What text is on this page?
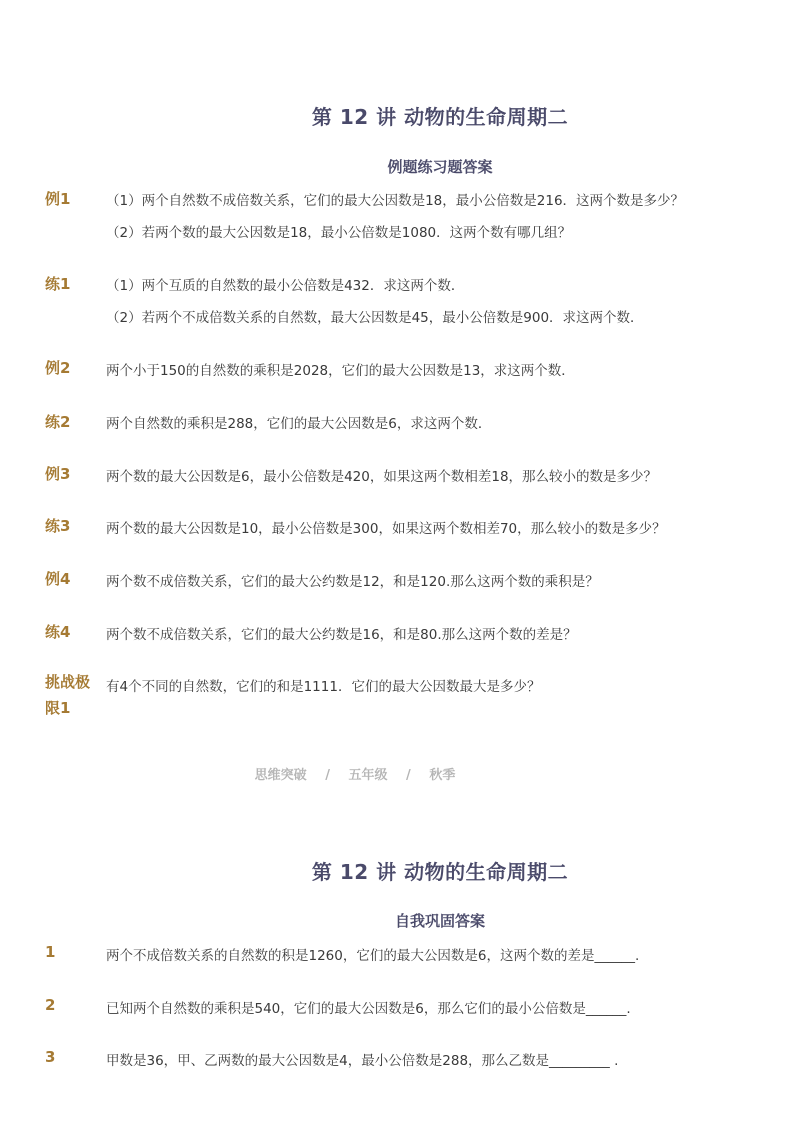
第 12 讲 动物的生命周期二
例题练习题答案
例1	（1）两个自然数不成倍数关系，它们的最大公因数是18，最小公倍数是216．这两个数是多少？
（2）若两个数的最大公因数是18，最小公倍数是1080．这两个数有哪几组？
练1	（1）两个互质的自然数的最小公倍数是432．求这两个数．
（2）若两个不成倍数关系的自然数，最大公因数是45，最小公倍数是900．求这两个数．
例2	两个小于150的自然数的乘积是2028，它们的最大公因数是13，求这两个数．
练2	两个自然数的乘积是288，它们的最大公因数是6，求这两个数．
例3	两个数的最大公因数是6，最小公倍数是420，如果这两个数相差18，那么较小的数是多少？
练3	两个数的最大公因数是10，最小公倍数是300，如果这两个数相差70，那么较小的数是多少？
例4	两个数不成倍数关系，它们的最大公约数是12，和是120.那么这两个数的乘积是？
练4	两个数不成倍数关系，它们的最大公约数是16，和是80.那么这两个数的差是？
挑战极限1
有4个不同的自然数，它们的和是1111．它们的最大公因数最大是多少？
思维突破 / 五年级 / 秋季
第 12 讲 动物的生命周期二
自我巩固答案
1	两个不成倍数关系的自然数的积是1260，它们的最大公因数是6，这两个数的差是______.
2	已知两个自然数的乘积是540，它们的最大公因数是6，那么它们的最小公倍数是______.
3	甲数是36，甲、乙两数的最大公因数是4，最小公倍数是288，那么乙数是_________ .
